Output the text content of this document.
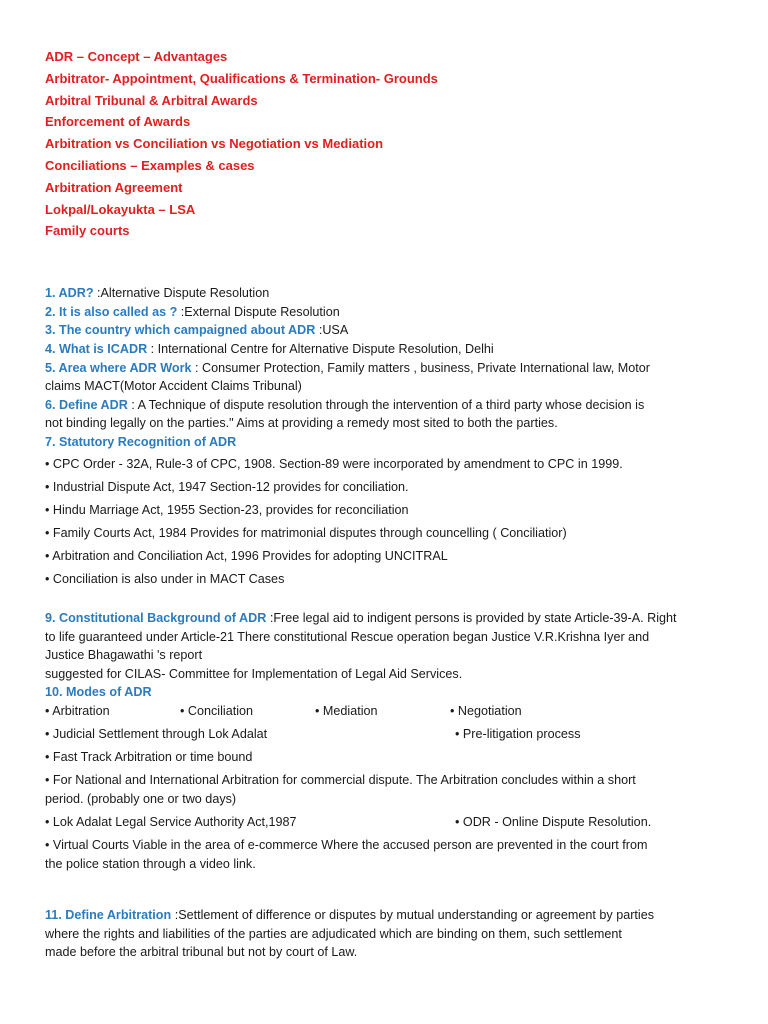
ADR – Concept – Advantages
Arbitrator- Appointment, Qualifications & Termination- Grounds
Arbitral Tribunal & Arbitral Awards
Enforcement of Awards
Arbitration vs Conciliation vs Negotiation vs Mediation
Conciliations – Examples & cases
Arbitration Agreement
Lokpal/Lokayukta – LSA
Family courts
1. ADR? :Alternative Dispute Resolution
2. It is also called as ? :External Dispute Resolution
3. The country which campaigned about ADR :USA
4. What is ICADR : International Centre for Alternative Dispute Resolution, Delhi
5. Area where ADR Work : Consumer Protection, Family matters , business, Private International law, Motor
claims MACT(Motor Accident Claims Tribunal)
6. Define ADR : A Technique of dispute resolution through the intervention of a third party whose decision is
not binding legally on the parties." Aims at providing a remedy most sited to both the parties.
7. Statutory Recognition of ADR
• CPC Order - 32A, Rule-3 of CPC, 1908. Section-89 were incorporated by amendment to CPC in 1999.
• Industrial Dispute Act, 1947 Section-12 provides for conciliation.
• Hindu Marriage Act, 1955 Section-23, provides for reconciliation
• Family Courts Act, 1984 Provides for matrimonial disputes through councelling ( Conciliatior)
• Arbitration and Conciliation Act, 1996 Provides for adopting UNCITRAL
• Conciliation is also under in MACT Cases
9. Constitutional Background of ADR :Free legal aid to indigent persons is provided by state Article-39-A. Right
to life guaranteed under Article-21 There constitutional Rescue operation began Justice V.R.Krishna Iyer and
Justice Bhagawathi 's report
suggested for CILAS- Committee for Implementation of Legal Aid Services.
10. Modes of ADR
• Arbitration	• Conciliation	• Mediation	• Negotiation
• Judicial Settlement through Lok Adalat	• Pre-litigation process
• Fast Track Arbitration or time bound
• For National and International Arbitration for commercial dispute. The Arbitration concludes within a short
period. (probably one or two days)
• Lok Adalat Legal Service Authority Act,1987	• ODR - Online Dispute Resolution.
• Virtual Courts Viable in the area of e-commerce Where the accused person are prevented in the court from
the police station through a video link.
11. Define Arbitration :Settlement of difference or disputes by mutual understanding or agreement by parties
where the rights and liabilities of the parties are adjudicated which are binding on them, such settlement
made before the arbitral tribunal but not by court of Law.
